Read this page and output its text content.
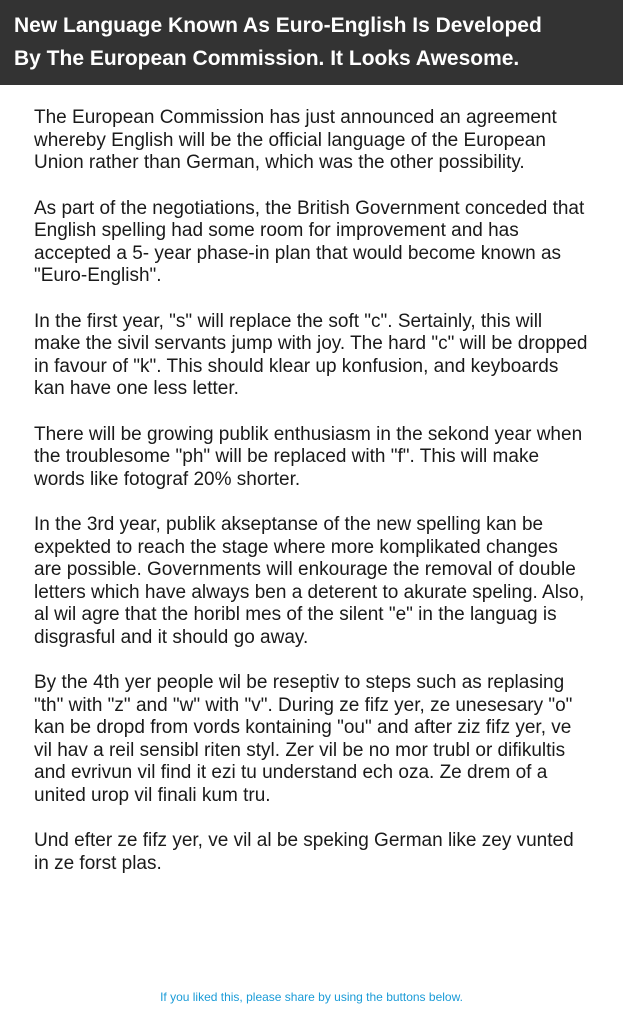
New Language Known As Euro-English Is Developed
By The European Commission. It Looks Awesome.

The European Commission has just announced an agreement whereby English will be the official language of the European Union rather than German, which was the other possibility.

As part of the negotiations, the British Government conceded that English spelling had some room for improvement and has accepted a 5- year phase-in plan that would become known as "Euro-English".

In the first year, "s" will replace the soft "c". Sertainly, this will make the sivil servants jump with joy. The hard "c" will be dropped in favour of "k". This should klear up konfusion, and keyboards kan have one less letter.

There will be growing publik enthusiasm in the sekond year when the troublesome "ph" will be replaced with "f". This will make words like fotograf 20% shorter.

In the 3rd year, publik akseptanse of the new spelling kan be expekted to reach the stage where more komplikated changes are possible. Governments will enkourage the removal of double letters which have always ben a deterent to akurate speling. Also, al wil agre that the horibl mes of the silent "e" in the languag is disgrasful and it should go away.

By the 4th yer people wil be reseptiv to steps such as replasing "th" with "z" and "w" with "v". During ze fifz yer, ze unesesary "o" kan be dropd from vords kontaining "ou" and after ziz fifz yer, ve vil hav a reil sensibl riten styl. Zer vil be no mor trubl or difikultis and evrivun vil find it ezi tu understand ech oza. Ze drem of a united urop vil finali kum tru.

Und efter ze fifz yer, ve vil al be speking German like zey vunted in ze forst plas.

If you liked this, please share by using the buttons below.
